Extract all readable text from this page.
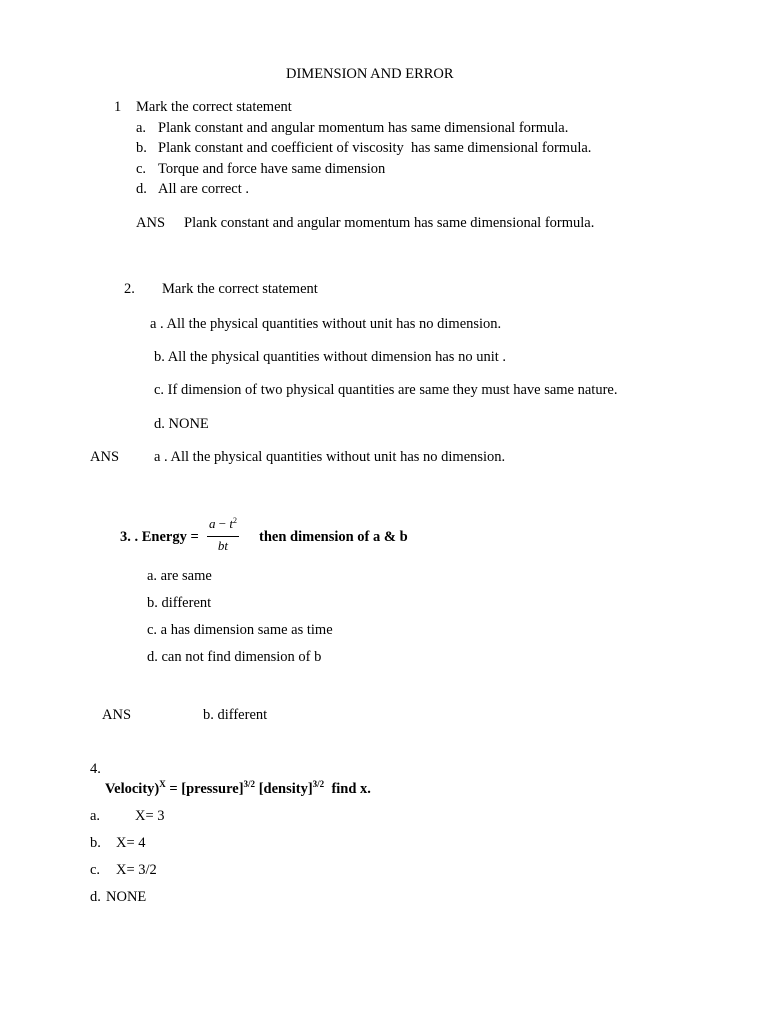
DIMENSION AND ERROR
1 Mark the correct statement
a. Plank constant and angular momentum has same dimensional formula.
b. Plank constant and coefficient of viscosity  has same dimensional formula.
c. Torque and force have same dimension
d. All are correct .
ANS Plank constant and angular momentum has same dimensional formula.
2. Mark the correct statement
a . All the physical quantities without unit has no dimension.
b. All the physical quantities without dimension has no unit .
c. If dimension of two physical quantities are same they must have same nature.
d. NONE
ANS a . All the physical quantities without unit has no dimension.
3. . Energy =
$a - t^2$
bt
then dimension of a & b
a. are same
b. different
c. a has dimension same as time
d. can not find dimension of b
ANS	b. different
4.
Velocity)$^X$ = [pressure]$^{3/2}$ [density]$^{3/2}$  find x.
a. X= 3
b. X= 4
c. X= 3/2
d. NONE
